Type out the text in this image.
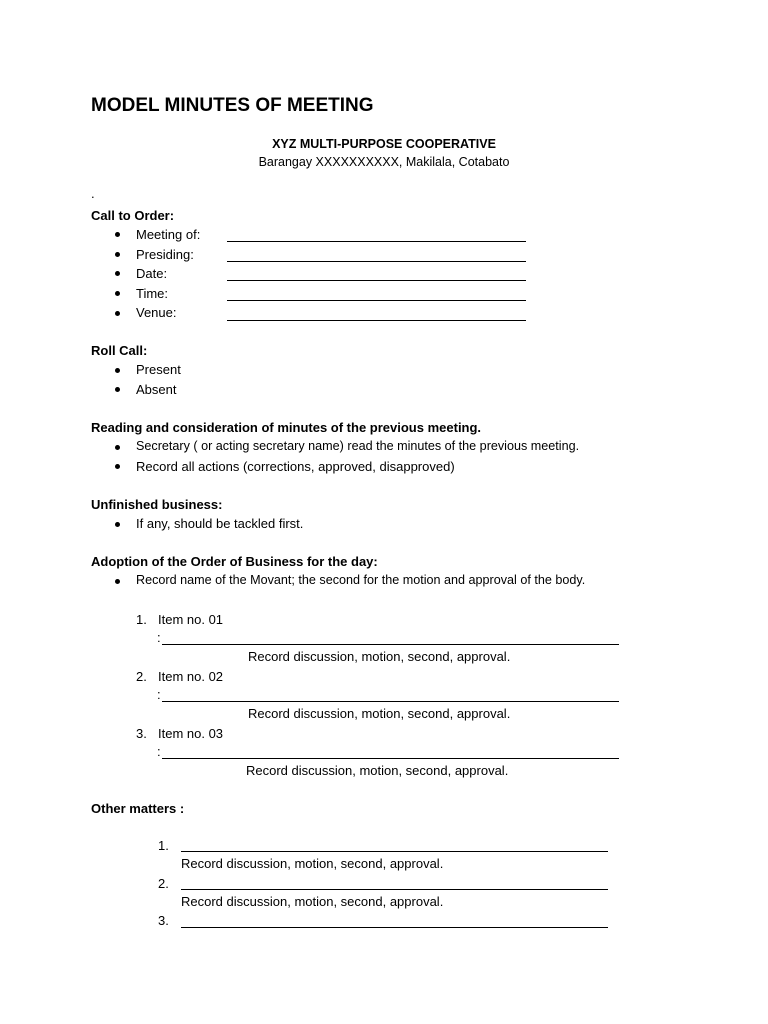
MODEL MINUTES OF MEETING
XYZ MULTI-PURPOSE COOPERATIVE
Barangay XXXXXXXXXX, Makilala, Cotabato
.
Call to Order:
Meeting of:
Presiding:
Date:
Time:
Venue:
Roll Call:
Present
Absent
Reading and consideration of minutes of the previous meeting.
Secretary ( or acting secretary name) read the minutes of the previous meeting.
Record all actions (corrections, approved, disapproved)
Unfinished business:
If any, should be tackled first.
Adoption of the Order of Business for the day:
Record name of the Movant; the second for the motion and approval of the body.
1. Item no. 01
:
Record discussion, motion, second, approval.
2. Item no. 02
:
Record discussion, motion, second, approval.
3. Item no. 03
:
Record discussion, motion, second, approval.
Other matters :
1.
Record discussion, motion, second, approval.
2.
Record discussion, motion, second, approval.
3.
